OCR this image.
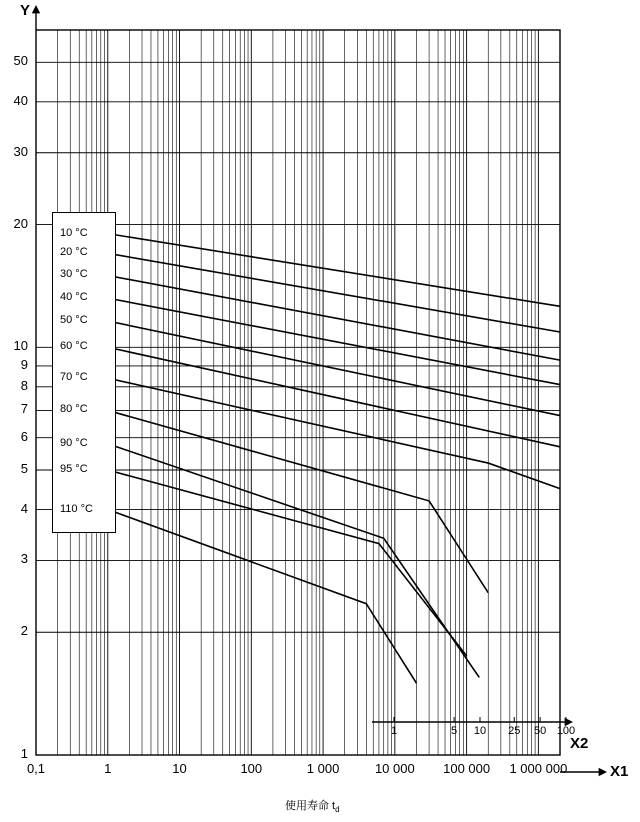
Y
X1
X2
使用寿命 $t_d$
1
2
3
4
5
6
7
8
9
10
20
30
40
50
0,1	1	10	100	1 000	10 000	100 000	1 000 000
1	5	10	25	50 100
10 °C
20 °C
30 °C
40 °C
50 °C
60 °C
70 °C
80 °C
90 °C
95 °C
110 °C
